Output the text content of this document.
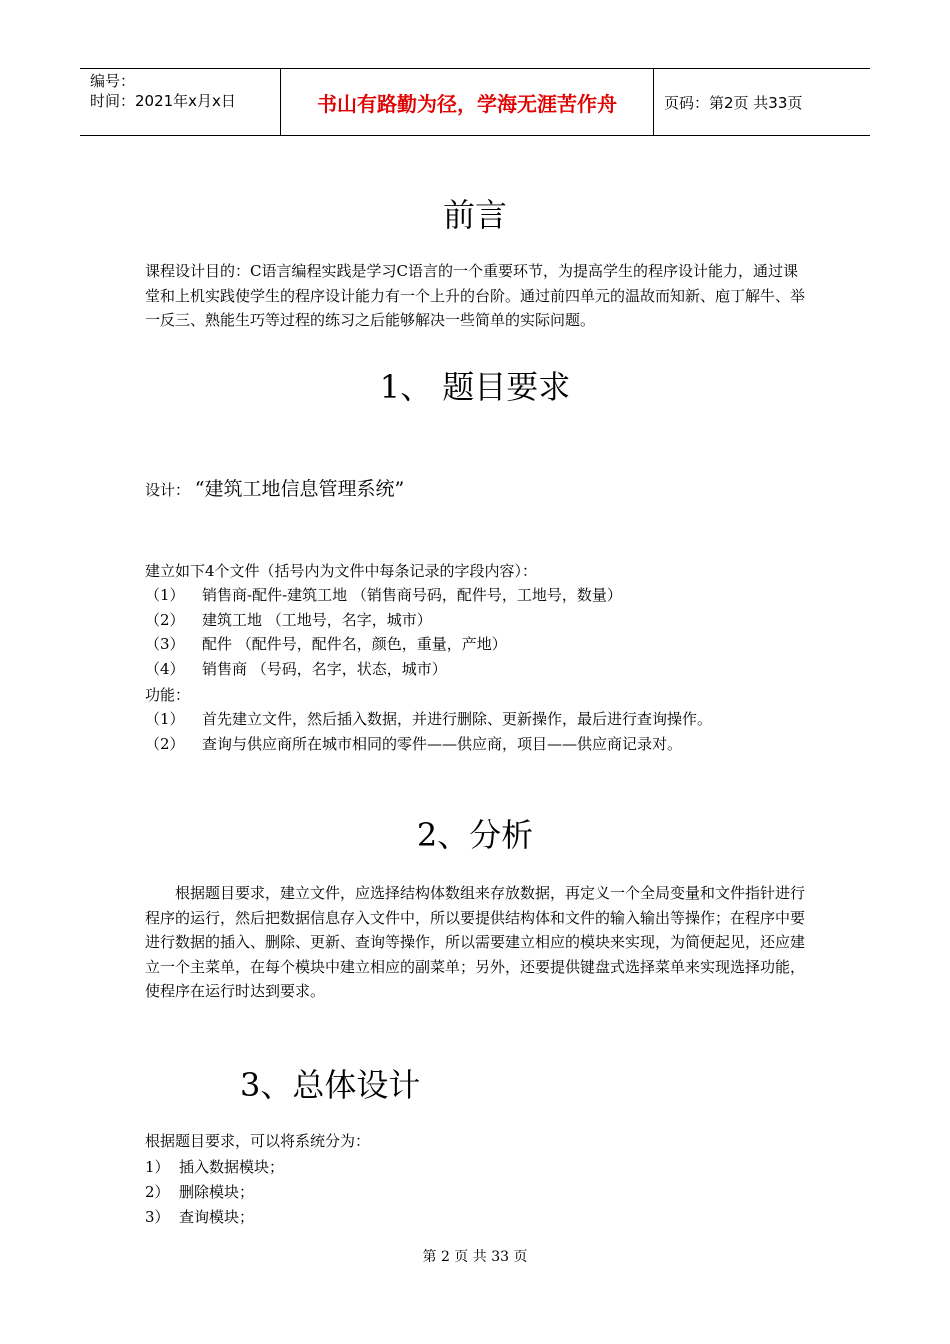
编号：
时间：2021年x月x日	书山有路勤为径，学海无涯苦作舟	页码：第2页 共33页
前言
课程设计目的：C语言编程实践是学习C语言的一个重要环节，为提高学生的程序设计能力，通过课堂和上机实践使学生的程序设计能力有一个上升的台阶。通过前四单元的温故而知新、庖丁解牛、举一反三、熟能生巧等过程的练习之后能够解决一些简单的实际问题。
1、 题目要求
设计： “建筑工地信息管理系统”
建立如下4个文件（括号内为文件中每条记录的字段内容）：
（1） 销售商-配件-建筑工地 （销售商号码，配件号，工地号，数量）
（2） 建筑工地 （工地号，名字，城市）
（3） 配件 （配件号，配件名，颜色，重量，产地）
（4） 销售商 （号码，名字，状态，城市）
功能：
（1） 首先建立文件，然后插入数据，并进行删除、更新操作，最后进行查询操作。
（2） 查询与供应商所在城市相同的零件——供应商，项目——供应商记录对。
2、分析
根据题目要求，建立文件，应选择结构体数组来存放数据，再定义一个全局变量和文件指针进行程序的运行，然后把数据信息存入文件中，所以要提供结构体和文件的输入输出等操作；在程序中要进行数据的插入、删除、更新、查询等操作，所以需要建立相应的模块来实现，为简便起见，还应建立一个主菜单，在每个模块中建立相应的副菜单；另外，还要提供键盘式选择菜单来实现选择功能，使程序在运行时达到要求。
3、总体设计
根据题目要求，可以将系统分为：
1） 插入数据模块；
2） 删除模块；
3） 查询模块；
第 2 页 共 33 页
